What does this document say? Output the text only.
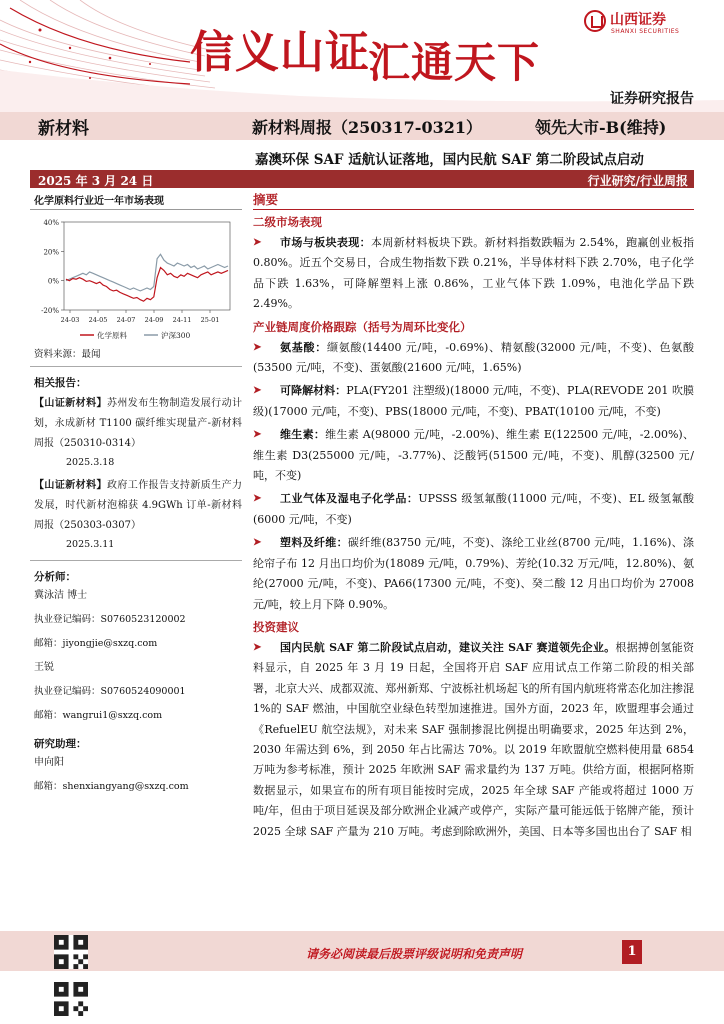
信义山证
汇通天下
山西证券
SHANXI SECURITIES
证券研究报告
新材料	新材料周报（250317-0321）	领先大市-B(维持)
嘉澳环保 SAF 适航认证落地，国内民航 SAF 第二阶段试点启动
2025 年 3 月 24 日	行业研究/行业周报
化学原料行业近一年市场表现
40%
20%
0%
-20%
24-03 24-05 24-07 24-09 24-11 25-01
化学原料	沪深300
资料来源：最闻
相关报告：
【山证新材料】苏州发布生物制造发展行动计划，永成新材 T1100 碳纤维实现量产-新材料周报（250310-0314）
2025.3.18
【山证新材料】政府工作报告支持新质生产力发展，时代新材泡棉获 4.9GWh 订单-新材料周报（250303-0307）
2025.3.11
分析师：
冀泳洁 博士
执业登记编码：S0760523120002
邮箱：jiyongjie@sxzq.com
王锐
执业登记编码：S0760524090001
邮箱：wangrui1@sxzq.com
研究助理：
申向阳
邮箱：shenxiangyang@sxzq.com
摘要
二级市场表现
➤ 市场与板块表现：本周新材料板块下跌。新材料指数跌幅为 2.54%，跑赢创业板指 0.80%。近五个交易日，合成生物指数下跌 0.21%，半导体材料下跌 2.70%，电子化学品下跌 1.63%，可降解塑料上涨 0.86%，工业气体下跌 1.09%，电池化学品下跌 2.49%。
产业链周度价格跟踪（括号为周环比变化）
➤ 氨基酸：缬氨酸(14400 元/吨，-0.69%)、精氨酸(32000 元/吨，不变)、色氨酸(53500 元/吨，不变)、蛋氨酸(21600 元/吨，1.65%)
➤ 可降解材料：PLA(FY201 注塑级)(18000 元/吨，不变)、PLA(REVODE 201 吹膜级)(17000 元/吨，不变)、PBS(18000 元/吨，不变)、PBAT(10100 元/吨，不变)
➤ 维生素：维生素 A(98000 元/吨，-2.00%)、维生素 E(122500 元/吨，-2.00%)、维生素 D3(255000 元/吨，-3.77%)、泛酸钙(51500 元/吨，不变)、肌醇(32500 元/吨，不变)
➤ 工业气体及湿电子化学品：UPSSS 级氢氟酸(11000 元/吨，不变)、EL 级氢氟酸(6000 元/吨，不变)
➤ 塑料及纤维：碳纤维(83750 元/吨，不变)、涤纶工业丝(8700 元/吨，1.16%)、涤纶帘子布 12 月出口均价为(18089 元/吨，0.79%)、芳纶(10.32 万元/吨，12.80%)、氨纶(27000 元/吨，不变)、PA66(17300 元/吨，不变)、癸二酸 12 月出口均价为 27008 元/吨，较上月下降 0.90%。
投资建议
➤ 国内民航 SAF 第二阶段试点启动，建议关注 SAF 赛道领先企业。根据搏创氢能资料显示，自 2025 年 3 月 19 日起，全国将开启 SAF 应用试点工作第二阶段的相关部署，北京大兴、成都双流、郑州新郑、宁波栎社机场起飞的所有国内航班将常态化加注掺混 1%的 SAF 燃油，中国航空业绿色转型加速推进。国外方面，2023 年，欧盟理事会通过《RefuelEU 航空法规》，对未来 SAF 强制掺混比例提出明确要求，2025 年达到 2%，2030 年需达到 6%，到 2050 年占比需达 70%。以 2019 年欧盟航空燃料使用量 6854 万吨为参考标准，预计 2025 年欧洲 SAF 需求量约为 137 万吨。供给方面，根据阿格斯数据显示，如果宣布的所有项目能按时完成，2025 年全球 SAF 产能或将超过 1000 万吨/年，但由于项目延误及部分欧洲企业减产或停产，实际产量可能远低于铭牌产能，预计 2025 全球 SAF 产量为 210 万吨。考虑到除欧洲外，美国、日本等多国也出台了 SAF 相
请务必阅读最后股票评级说明和免责声明	1
